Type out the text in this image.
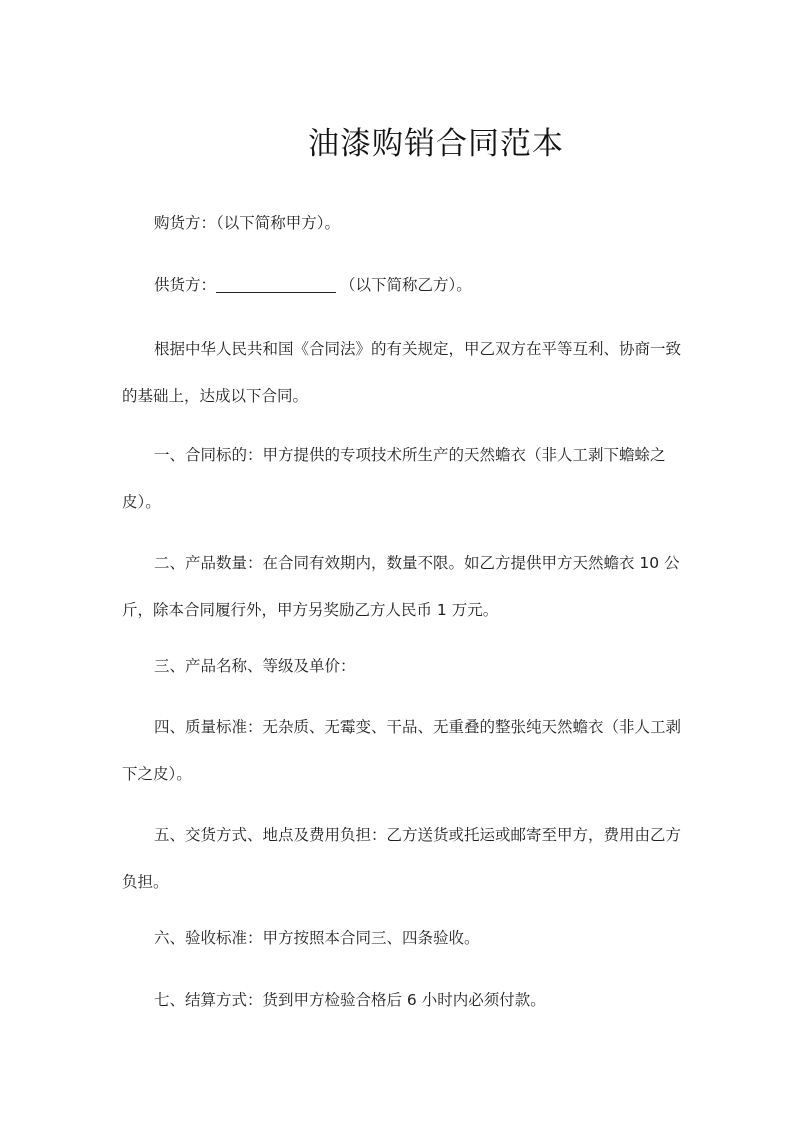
油漆购销合同范本

购货方：（以下简称甲方）。

供货方：	（以下简称乙方）。

根据中华人民共和国《合同法》的有关规定，甲乙双方在平等互利、协商一致的基础上，达成以下合同。

一、合同标的：甲方提供的专项技术所生产的天然蟾衣（非人工剥下蟾蜍之皮）。

二、产品数量：在合同有效期内，数量不限。如乙方提供甲方天然蟾衣 10 公斤，除本合同履行外，甲方另奖励乙方人民币 1 万元。

三、产品名称、等级及单价：

四、质量标准：无杂质、无霉变、干品、无重叠的整张纯天然蟾衣（非人工剥下之皮）。

五、交货方式、地点及费用负担：乙方送货或托运或邮寄至甲方，费用由乙方负担。

六、验收标准：甲方按照本合同三、四条验收。

七、结算方式：货到甲方检验合格后 6 小时内必须付款。
